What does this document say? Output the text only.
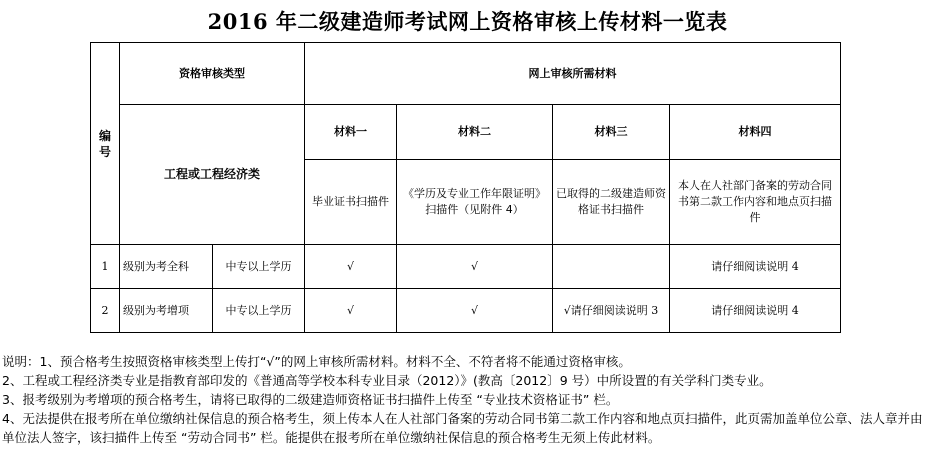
2016 年二级建造师考试网上资格审核上传材料一览表
编号	资格审核类型		网上审核所需材料			
	工程或工程经济类		材料一	材料二	材料三	材料四
			毕业证书扫描件	《学历及专业工作年限证明》扫描件（见附件 4）	已取得的二级建造师资格证书扫描件	本人在人社部门备案的劳动合同书第二款工作内容和地点页扫描件
1	级别为考全科	中专以上学历	√	√		请仔细阅读说明 4
2	级别为考增项	中专以上学历	√	√	√请仔细阅读说明 3	请仔细阅读说明 4
说明：1、预合格考生按照资格审核类型上传打“√”的网上审核所需材料。材料不全、不符者将不能通过资格审核。
2、工程或工程经济类专业是指教育部印发的《普通高等学校本科专业目录（2012）》(教高〔2012〕9 号）中所设置的有关学科门类专业。
3、报考级别为考增项的预合格考生，请将已取得的二级建造师资格证书扫描件上传至 “专业技术资格证书” 栏。
4、无法提供在报考所在单位缴纳社保信息的预合格考生，须上传本人在人社部门备案的劳动合同书第二款工作内容和地点页扫描件，此页需加盖单位公章、法人章并由单位法人签字，该扫描件上传至 “劳动合同书” 栏。能提供在报考所在单位缴纳社保信息的预合格考生无须上传此材料。
